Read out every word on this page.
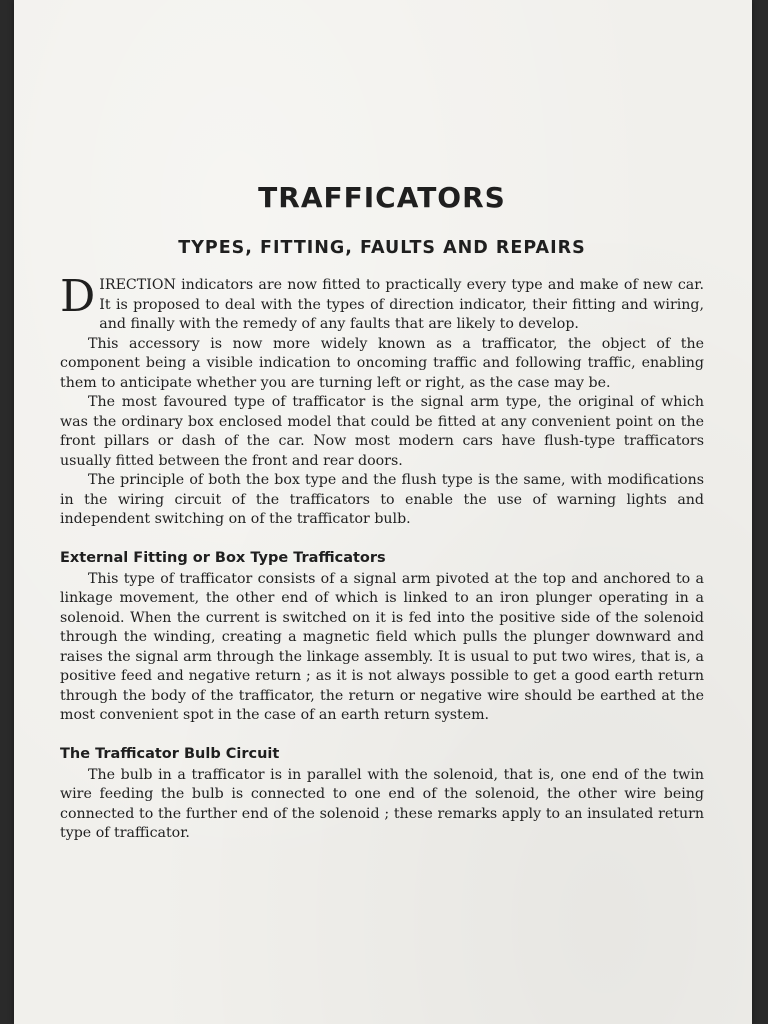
TRAFFICATORS
TYPES, FITTING, FAULTS AND REPAIRS

DIRECTION indicators are now fitted to practically every type and make of new car. It is proposed to deal with the types of direction indicator, their fitting and wiring, and finally with the remedy of any faults that are likely to develop.

This accessory is now more widely known as a trafficator, the object of the component being a visible indication to oncoming traffic and following traffic, enabling them to anticipate whether you are turning left or right, as the case may be.

The most favoured type of trafficator is the signal arm type, the original of which was the ordinary box enclosed model that could be fitted at any convenient point on the front pillars or dash of the car. Now most modern cars have flush-type trafficators usually fitted between the front and rear doors.

The principle of both the box type and the flush type is the same, with modifications in the wiring circuit of the trafficators to enable the use of warning lights and independent switching on of the trafficator bulb.

External Fitting or Box Type Trafficators

This type of trafficator consists of a signal arm pivoted at the top and anchored to a linkage movement, the other end of which is linked to an iron plunger operating in a solenoid. When the current is switched on it is fed into the positive side of the solenoid through the winding, creating a magnetic field which pulls the plunger downward and raises the signal arm through the linkage assembly. It is usual to put two wires, that is, a positive feed and negative return ; as it is not always possible to get a good earth return through the body of the trafficator, the return or negative wire should be earthed at the most convenient spot in the case of an earth return system.

The Trafficator Bulb Circuit

The bulb in a trafficator is in parallel with the solenoid, that is, one end of the twin wire feeding the bulb is connected to one end of the solenoid, the other wire being connected to the further end of the solenoid ; these remarks apply to an insulated return type of trafficator.
